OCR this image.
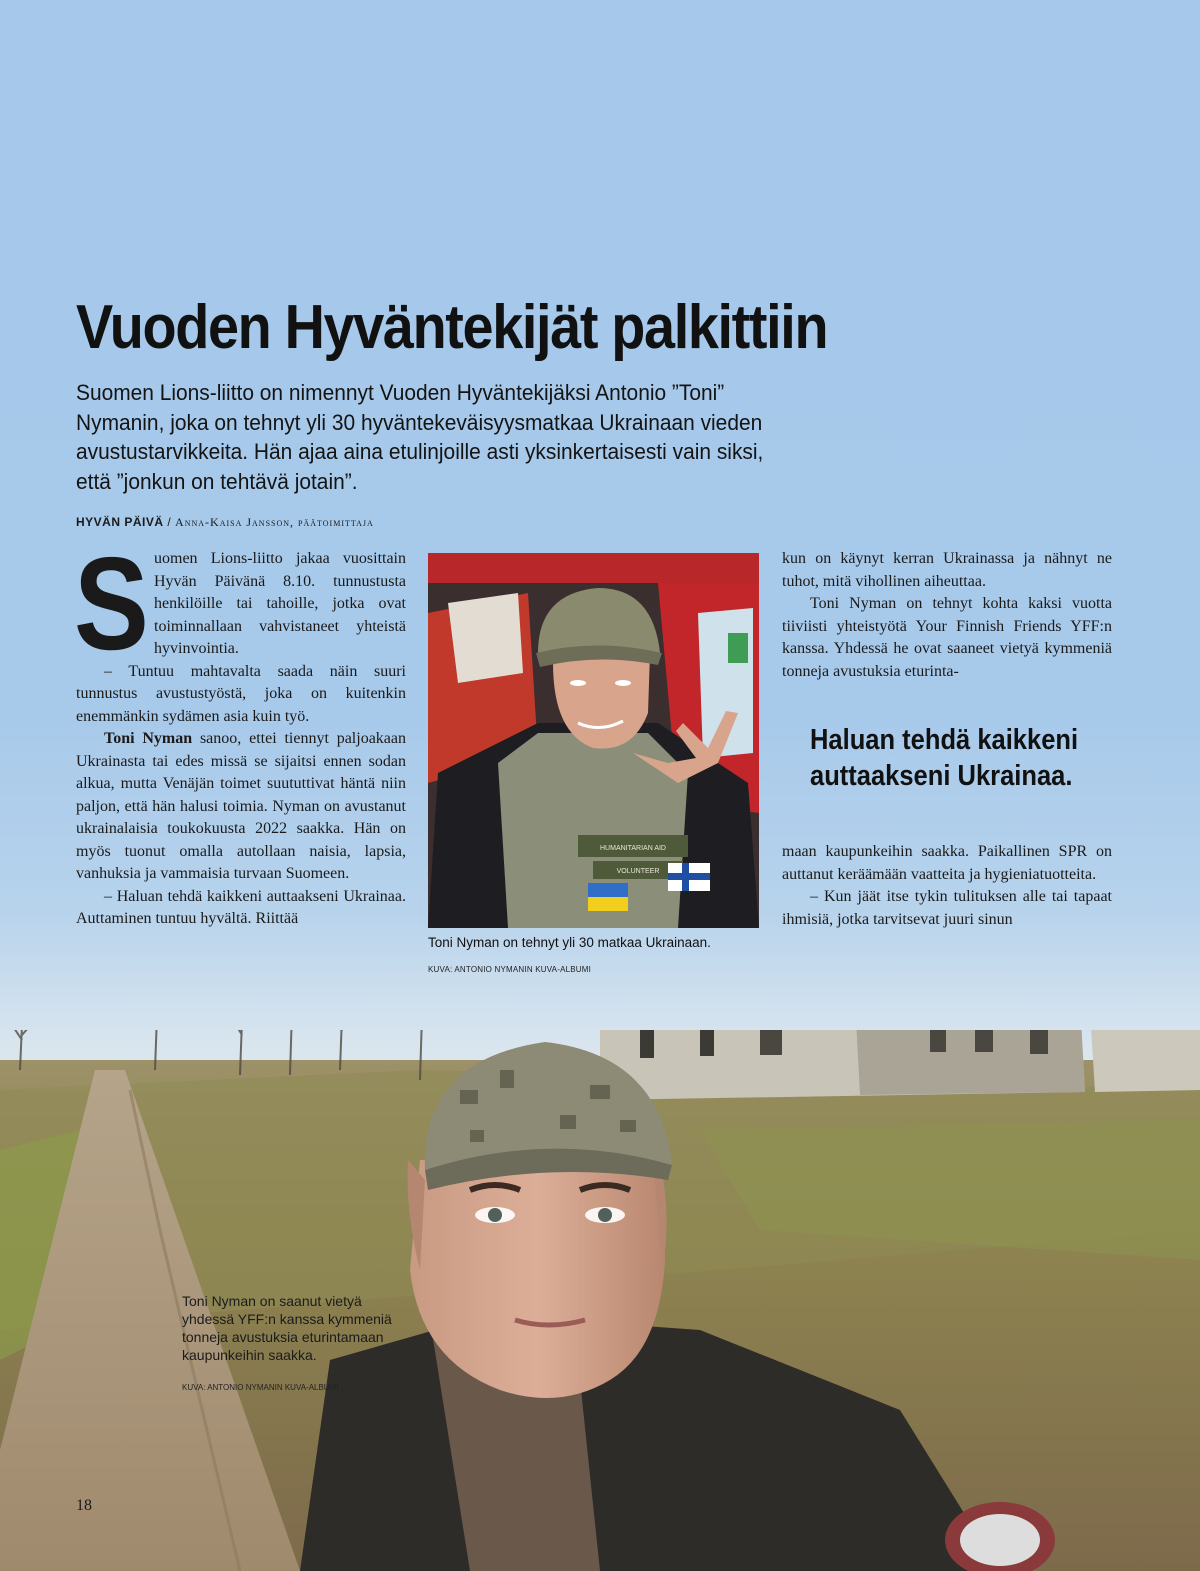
Vuoden Hyväntekijät palkittiin

Suomen Lions-liitto on nimennyt Vuoden Hyväntekijäksi Antonio ”Toni” Nymanin, joka on tehnyt yli 30 hyväntekeväisyysmatkaa Ukrainaan vieden avustustarvikkeita. Hän ajaa aina etulinjoille asti yksinkertaisesti vain siksi, että ”jonkun on tehtävä jotain”.

HYVÄN PÄIVÄ / Anna-Kaisa Jansson, päätoimittaja
S uomen Lions-liitto jakaa vuosittain Hyvän Päivänä 8.10. tunnustusta henkilöille tai tahoille, jotka ovat toiminnallaan vahvistaneet yhteistä hyvinvointia.

– Tuntuu mahtavalta saada näin suuri tunnustus avustustyöstä, joka on kuitenkin enemmänkin sydämen asia kuin työ.

Toni Nyman sanoo, ettei tiennyt paljoakaan Ukrainasta tai edes missä se sijaitsi ennen sodan alkua, mutta Venäjän toimet suututtivat häntä niin paljon, että hän halusi toimia. Nyman on avustanut ukrainalaisia toukokuusta 2022 saakka. Hän on myös tuonut omalla autollaan naisia, lapsia, vanhuksia ja vammaisia turvaan Suomeen.

– Haluan tehdä kaikkeni auttaakseni Ukrainaa. Auttaminen tuntuu hyvältä. Riittää

HUMANITARIAN AID
VOLUNTEER
Toni Nyman on tehnyt yli 30 matkaa Ukrainaan.
KUVA: ANTONIO NYMANIN KUVA-ALBUMI

kun on käynyt kerran Ukrainassa ja nähnyt ne tuhot, mitä vihollinen aiheuttaa.

Toni Nyman on tehnyt kohta kaksi vuotta tiiviisti yhteistyötä Your Finnish Friends YFF:n kanssa. Yhdessä he ovat saaneet vietyä kymmeniä tonneja avustuksia eturinta-

Haluan tehdä kaikkeni auttaakseni Ukrainaa.

maan kaupunkeihin saakka. Paikallinen SPR on auttanut keräämään vaatteita ja hygieniatuotteita.

– Kun jäät itse tykin tulituksen alle tai tapaat ihmisiä, jotka tarvitsevat juuri sinun

Toni Nyman on saanut vietyä yhdessä YFF:n kanssa kymmeniä tonneja avustuksia eturintamaan kaupunkeihin saakka.
KUVA: ANTONIO NYMANIN KUVA-ALBUMI
18
